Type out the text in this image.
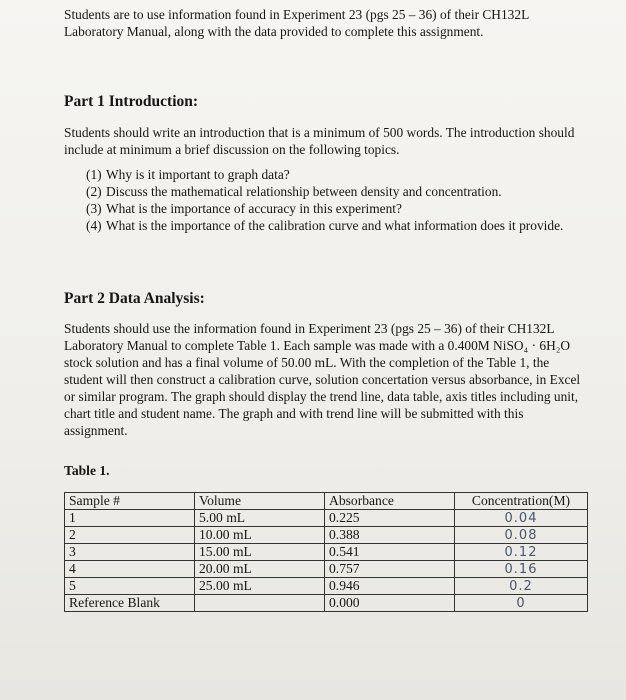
Students are to use information found in Experiment 23 (pgs 25 – 36) of their CH132L Laboratory Manual, along with the data provided to complete this assignment.
Part 1 Introduction:
Students should write an introduction that is a minimum of 500 words. The introduction should include at minimum a brief discussion on the following topics.
(1) Why is it important to graph data?
(2) Discuss the mathematical relationship between density and concentration.
(3) What is the importance of accuracy in this experiment?
(4) What is the importance of the calibration curve and what information does it provide.
Part 2 Data Analysis:
Students should use the information found in Experiment 23 (pgs 25 – 36) of their CH132L Laboratory Manual to complete Table 1. Each sample was made with a 0.400M NiSO₄ · 6H₂O stock solution and has a final volume of 50.00 mL. With the completion of the Table 1, the student will then construct a calibration curve, solution concertation versus absorbance, in Excel or similar program. The graph should display the trend line, data table, axis titles including unit, chart title and student name. The graph and with trend line will be submitted with this assignment.
Table 1.
Sample #	Volume	Absorbance	Concentration(M)
1	5.00 mL	0.225	0.04
2	10.00 mL	0.388	0.08
3	15.00 mL	0.541	0.12
4	20.00 mL	0.757	0.16
5	25.00 mL	0.946	0.2
Reference Blank		0.000	0
